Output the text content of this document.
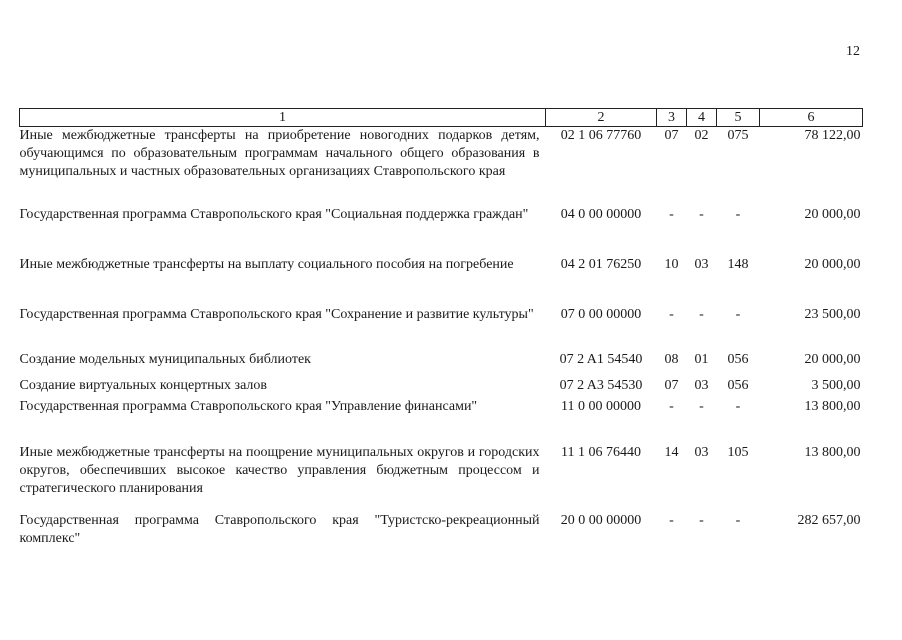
12
1	2	3	4	5	6
Иные межбюджетные трансферты на приобретение новогодних подарков детям, обучающимся по образовательным программам начального общего образования в муниципальных и частных образовательных организациях Ставропольского края	02 1 06 77760	07	02	075	78 122,00
Государственная программа Ставропольского края "Социальная поддержка граждан"	04 0 00 00000	-	-	-	20 000,00
Иные межбюджетные трансферты на выплату социального пособия на погребение	04 2 01 76250	10	03	148	20 000,00
Государственная программа Ставропольского края "Сохранение и развитие культуры"	07 0 00 00000	-	-	-	23 500,00
Создание модельных муниципальных библиотек	07 2 A1 54540	08	01	056	20 000,00
Создание виртуальных концертных залов	07 2 A3 54530	07	03	056	3 500,00
Государственная программа Ставропольского края "Управление финансами"	11 0 00 00000	-	-	-	13 800,00
Иные межбюджетные трансферты на поощрение муниципальных округов и городских округов, обеспечивших высокое качество управления бюджетным процессом и стратегического планирования	11 1 06 76440	14	03	105	13 800,00
Государственная программа Ставропольского края "Туристско-рекреационный комплекс"	20 0 00 00000	-	-	-	282 657,00
